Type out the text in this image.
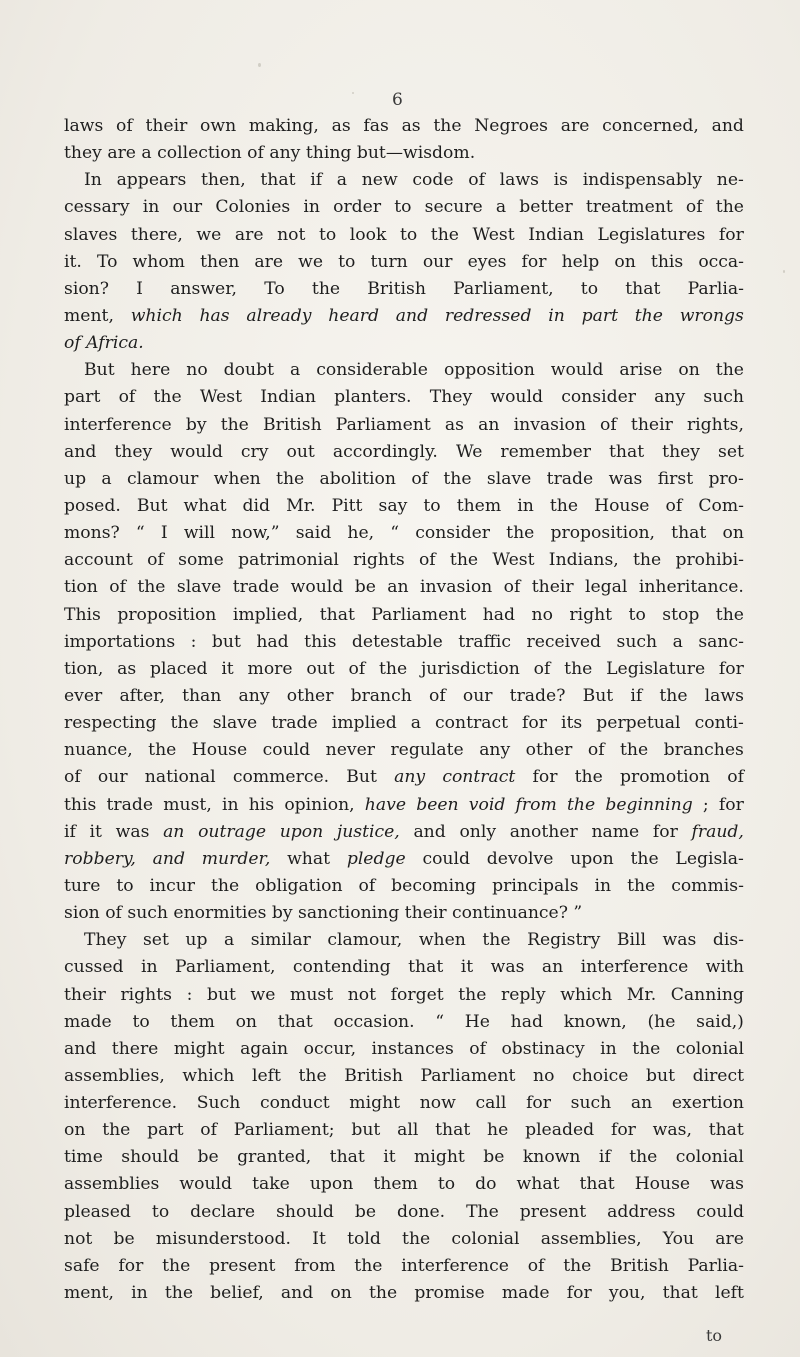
6
laws of their own making, as fas as the Negroes are concerned, and
they are a collection of any thing but—wisdom.
In appears then, that if a new code of laws is indispensably ne-
cessary in our Colonies in order to secure a better treatment of the
slaves there, we are not to look to the West Indian Legislatures for
it. To whom then are we to turn our eyes for help on this occa-
sion? I answer, To the British Parliament, to that Parlia-
ment, which has already heard and redressed in part the wrongs
of Africa.
But here no doubt a considerable opposition would arise on the
part of the West Indian planters. They would consider any such
interference by the British Parliament as an invasion of their rights,
and they would cry out accordingly. We remember that they set
up a clamour when the abolition of the slave trade was first pro-
posed. But what did Mr. Pitt say to them in the House of Com-
mons? “ I will now,” said he, “ consider the proposition, that on
account of some patrimonial rights of the West Indians, the prohibi-
tion of the slave trade would be an invasion of their legal inheritance.
This proposition implied, that Parliament had no right to stop the
importations : but had this detestable traffic received such a sanc-
tion, as placed it more out of the jurisdiction of the Legislature for
ever after, than any other branch of our trade? But if the laws
respecting the slave trade implied a contract for its perpetual conti-
nuance, the House could never regulate any other of the branches
of our national commerce. But any contract for the promotion of
this trade must, in his opinion, have been void from the beginning ; for
if it was an outrage upon justice, and only another name for fraud,
robbery, and murder, what pledge could devolve upon the Legisla-
ture to incur the obligation of becoming principals in the commis-
sion of such enormities by sanctioning their continuance? ”
They set up a similar clamour, when the Registry Bill was dis-
cussed in Parliament, contending that it was an interference with
their rights : but we must not forget the reply which Mr. Canning
made to them on that occasion. “ He had known, (he said,)
and there might again occur, instances of obstinacy in the colonial
assemblies, which left the British Parliament no choice but direct
interference. Such conduct might now call for such an exertion
on the part of Parliament; but all that he pleaded for was, that
time should be granted, that it might be known if the colonial
assemblies would take upon them to do what that House was
pleased to declare should be done. The present address could
not be misunderstood. It told the colonial assemblies, You are
safe for the present from the interference of the British Parlia-
ment, in the belief, and on the promise made for you, that left
to
